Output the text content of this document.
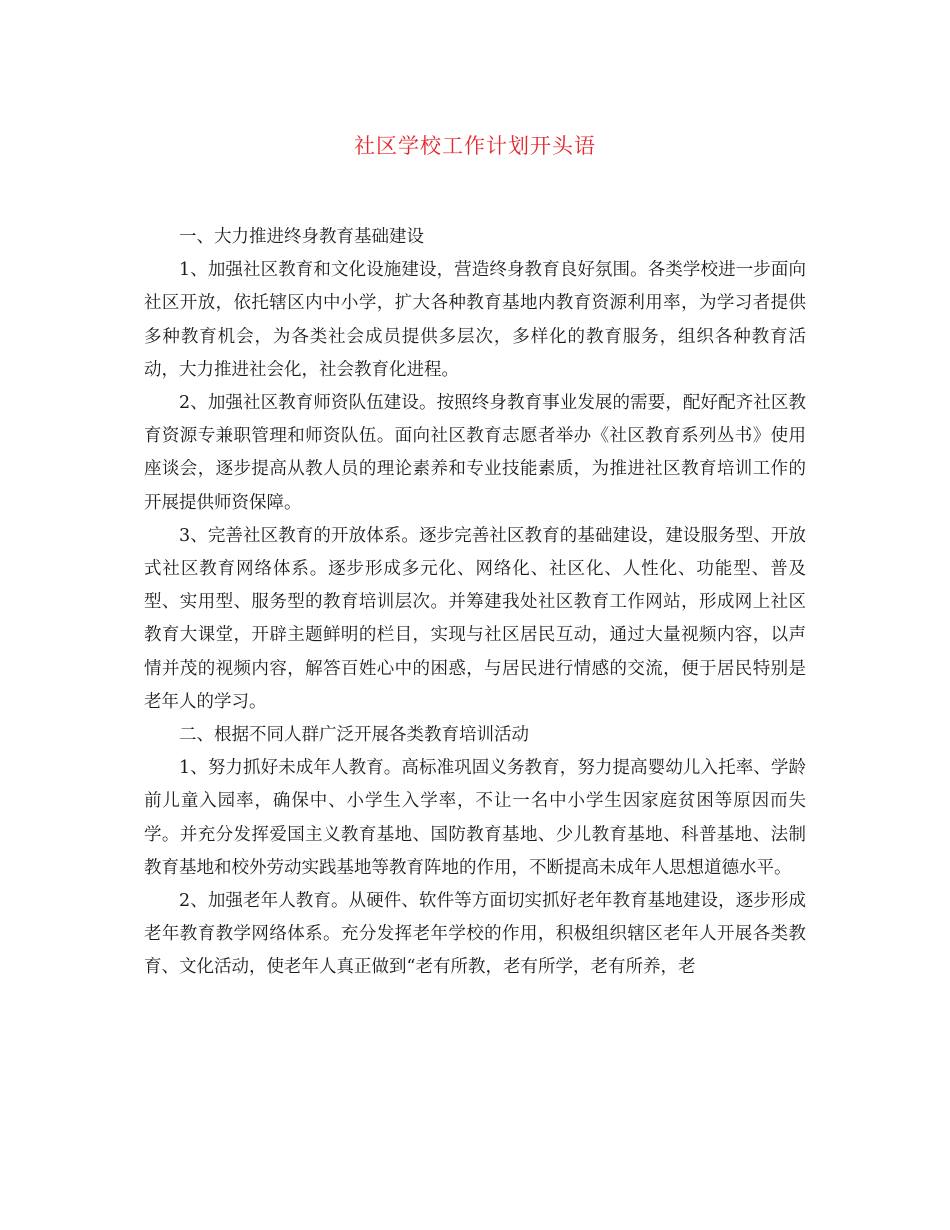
社区学校工作计划开头语

一、大力推进终身教育基础建设

1、加强社区教育和文化设施建设，营造终身教育良好氛围。各类学校进一步面向社区开放，依托辖区内中小学，扩大各种教育基地内教育资源利用率，为学习者提供多种教育机会，为各类社会成员提供多层次，多样化的教育服务，组织各种教育活动，大力推进社会化，社会教育化进程。

2、加强社区教育师资队伍建设。按照终身教育事业发展的需要，配好配齐社区教育资源专兼职管理和师资队伍。面向社区教育志愿者举办《社区教育系列丛书》使用座谈会，逐步提高从教人员的理论素养和专业技能素质，为推进社区教育培训工作的开展提供师资保障。

3、完善社区教育的开放体系。逐步完善社区教育的基础建设，建设服务型、开放式社区教育网络体系。逐步形成多元化、网络化、社区化、人性化、功能型、普及型、实用型、服务型的教育培训层次。并筹建我处社区教育工作网站，形成网上社区教育大课堂，开辟主题鲜明的栏目，实现与社区居民互动，通过大量视频内容，以声情并茂的视频内容，解答百姓心中的困惑，与居民进行情感的交流，便于居民特别是老年人的学习。

二、根据不同人群广泛开展各类教育培训活动

1、努力抓好未成年人教育。高标准巩固义务教育，努力提高婴幼儿入托率、学龄前儿童入园率，确保中、小学生入学率，不让一名中小学生因家庭贫困等原因而失学。并充分发挥爱国主义教育基地、国防教育基地、少儿教育基地、科普基地、法制教育基地和校外劳动实践基地等教育阵地的作用，不断提高未成年人思想道德水平。

2、加强老年人教育。从硬件、软件等方面切实抓好老年教育基地建设，逐步形成老年教育教学网络体系。充分发挥老年学校的作用，积极组织辖区老年人开展各类教育、文化活动，使老年人真正做到“老有所教，老有所学，老有所养，老
